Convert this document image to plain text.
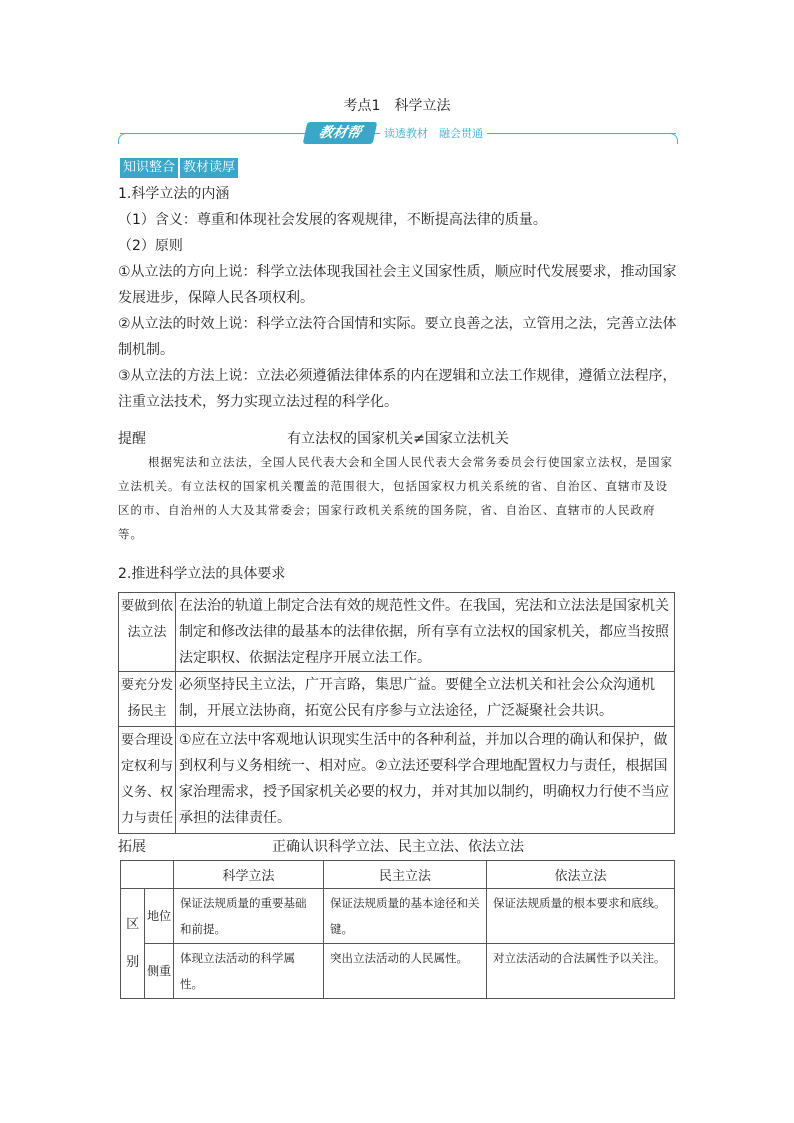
考点1　科学立法
教材帮	读透教材　融会贯通
知识整合 教材读厚
1.科学立法的内涵
（1）含义：尊重和体现社会发展的客观规律，不断提高法律的质量。
（2）原则
①从立法的方向上说：科学立法体现我国社会主义国家性质，顺应时代发展要求，推动国家发展进步，保障人民各项权利。
②从立法的时效上说：科学立法符合国情和实际。要立良善之法，立管用之法，完善立法体制机制。
③从立法的方法上说：立法必须遵循法律体系的内在逻辑和立法工作规律，遵循立法程序，注重立法技术，努力实现立法过程的科学化。
提醒	有立法权的国家机关≠国家立法机关
根据宪法和立法法，全国人民代表大会和全国人民代表大会常务委员会行使国家立法权，是国家立法机关。有立法权的国家机关覆盖的范围很大，包括国家权力机关系统的省、自治区、直辖市及设区的市、自治州的人大及其常委会；国家行政机关系统的国务院，省、自治区、直辖市的人民政府等。
2.推进科学立法的具体要求
要做到依法立法	在法治的轨道上制定合法有效的规范性文件。在我国，宪法和立法法是国家机关制定和修改法律的最基本的法律依据，所有享有立法权的国家机关，都应当按照法定职权、依据法定程序开展立法工作。
要充分发扬民主	必须坚持民主立法，广开言路，集思广益。要健全立法机关和社会公众沟通机制，开展立法协商，拓宽公民有序参与立法途径，广泛凝聚社会共识。
要合理设定权利与义务、权力与责任	①应在立法中客观地认识现实生活中的各种利益，并加以合理的确认和保护，做到权利与义务相统一、相对应。②立法还要科学合理地配置权力与责任，根据国家治理需求，授予国家机关必要的权力，并对其加以制约，明确权力行使不当应承担的法律责任。
拓展	正确认识科学立法、民主立法、依法立法
		科学立法	民主立法	依法立法

区别	地位	保证法规质量的重要基础和前提。	保证法规质量的基本途径和关键。	保证法规质量的根本要求和底线。

	侧重	体现立法活动的科学属性。	突出立法活动的人民属性。	对立法活动的合法属性予以关注。
